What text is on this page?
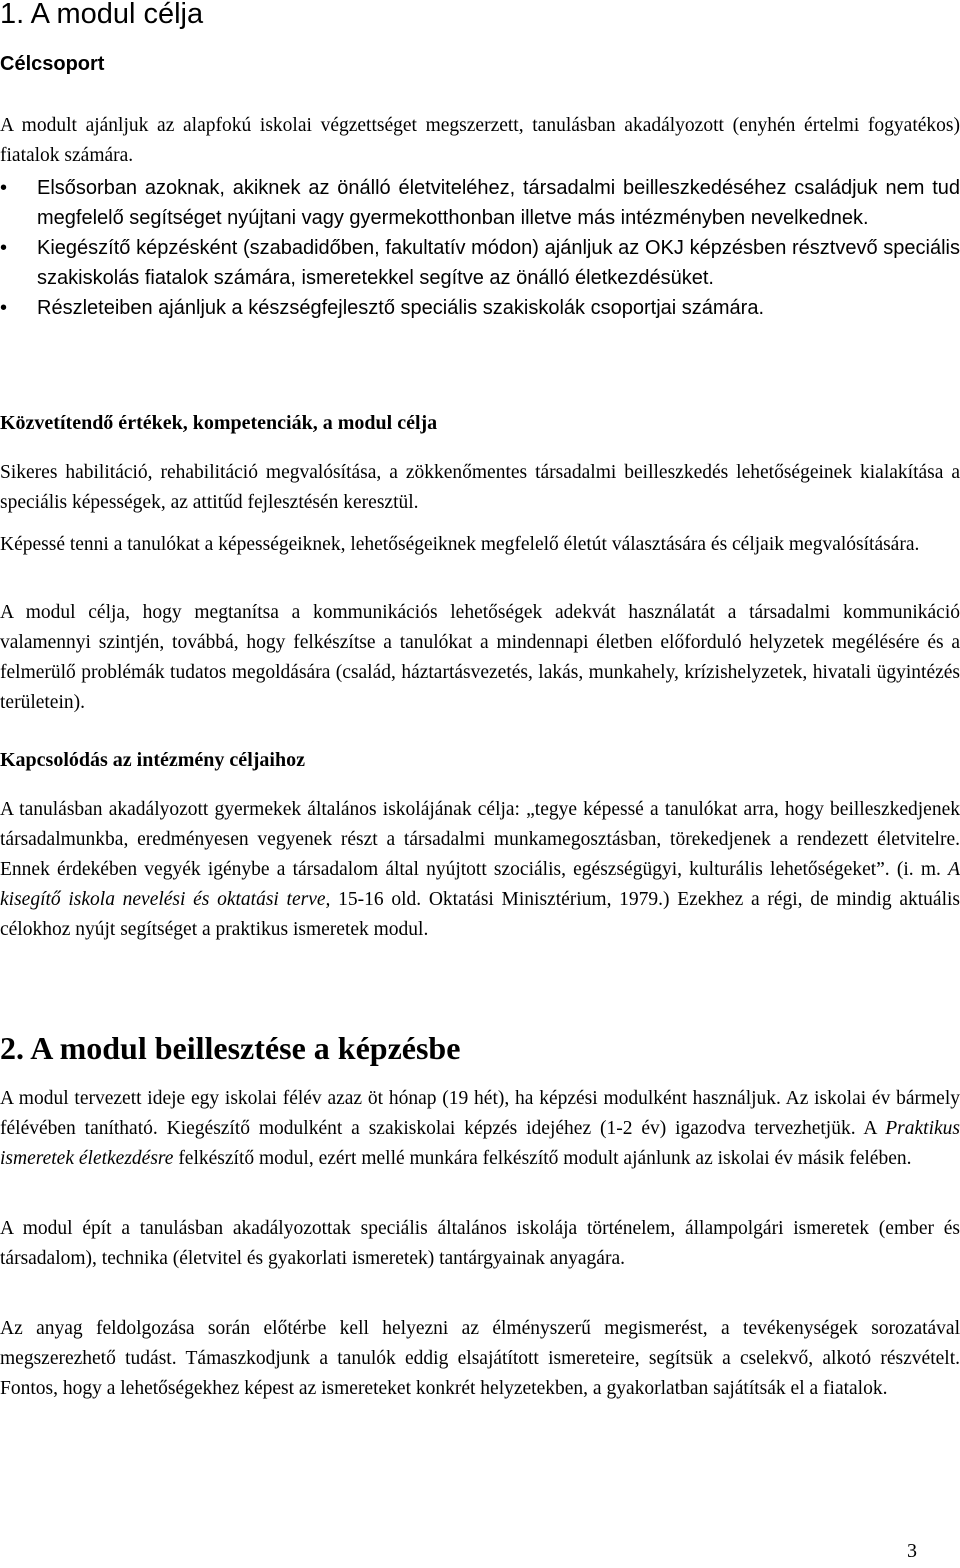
1. A modul célja
Célcsoport

A modult ajánljuk az alapfokú iskolai végzettséget megszerzett, tanulásban akadályozott (enyhén értelmi fogyatékos) fiatalok számára.

• Elsősorban azoknak, akiknek az önálló életviteléhez, társadalmi beilleszkedéséhez családjuk nem tud megfelelő segítséget nyújtani vagy gyermekotthonban illetve más intézményben nevelkednek.
• Kiegészítő képzésként (szabadidőben, fakultatív módon) ajánljuk az OKJ képzésben résztvevő speciális szakiskolás fiatalok számára, ismeretekkel segítve az önálló életkezdésüket.
• Részleteiben ajánljuk a készségfejlesztő speciális szakiskolák csoportjai számára.
Közvetítendő értékek, kompetenciák, a modul célja

Sikeres habilitáció, rehabilitáció megvalósítása, a zökkenőmentes társadalmi beilleszkedés lehetőségeinek kialakítása a speciális képességek, az attitűd fejlesztésén keresztül.

Képessé tenni a tanulókat a képességeiknek, lehetőségeiknek megfelelő életút választására és céljaik megvalósítására.

A modul célja, hogy megtanítsa a kommunikációs lehetőségek adekvát használatát a társadalmi kommunikáció valamennyi szintjén, továbbá, hogy felkészítse a tanulókat a mindennapi életben előforduló helyzetek megélésére és a felmerülő problémák tudatos megoldására (család, háztartásvezetés, lakás, munkahely, krízishelyzetek, hivatali ügyintézés területein).

Kapcsolódás az intézmény céljaihoz

A tanulásban akadályozott gyermekek általános iskolájának célja: „tegye képessé a tanulókat arra, hogy beilleszkedjenek társadalmunkba, eredményesen vegyenek részt a társadalmi munkamegosztásban, törekedjenek a rendezett életvitelre. Ennek érdekében vegyék igénybe a társadalom által nyújtott szociális, egészségügyi, kulturális lehetőségeket”. (i. m. A kisegítő iskola nevelési és oktatási terve, 15-16 old. Oktatási Minisztérium, 1979.) Ezekhez a régi, de mindig aktuális célokhoz nyújt segítséget a praktikus ismeretek modul.

2. A modul beillesztése a képzésbe

A modul tervezett ideje egy iskolai félév azaz öt hónap (19 hét), ha képzési modulként használjuk. Az iskolai év bármely félévében tanítható. Kiegészítő modulként a szakiskolai képzés idejéhez (1-2 év) igazodva tervezhetjük. A Praktikus ismeretek életkezdésre felkészítő modul, ezért mellé munkára felkészítő modult ajánlunk az iskolai év másik felében.

A modul épít a tanulásban akadályozottak speciális általános iskolája történelem, állampolgári ismeretek (ember és társadalom), technika (életvitel és gyakorlati ismeretek) tantárgyainak anyagára.

Az anyag feldolgozása során előtérbe kell helyezni az élményszerű megismerést, a tevékenységek sorozatával megszerezhető tudást. Támaszkodjunk a tanulók eddig elsajátított ismereteire, segítsük a cselekvő, alkotó részvételt. Fontos, hogy a lehetőségekhez képest az ismereteket konkrét helyzetekben, a gyakorlatban sajátítsák el a fiatalok.

3
